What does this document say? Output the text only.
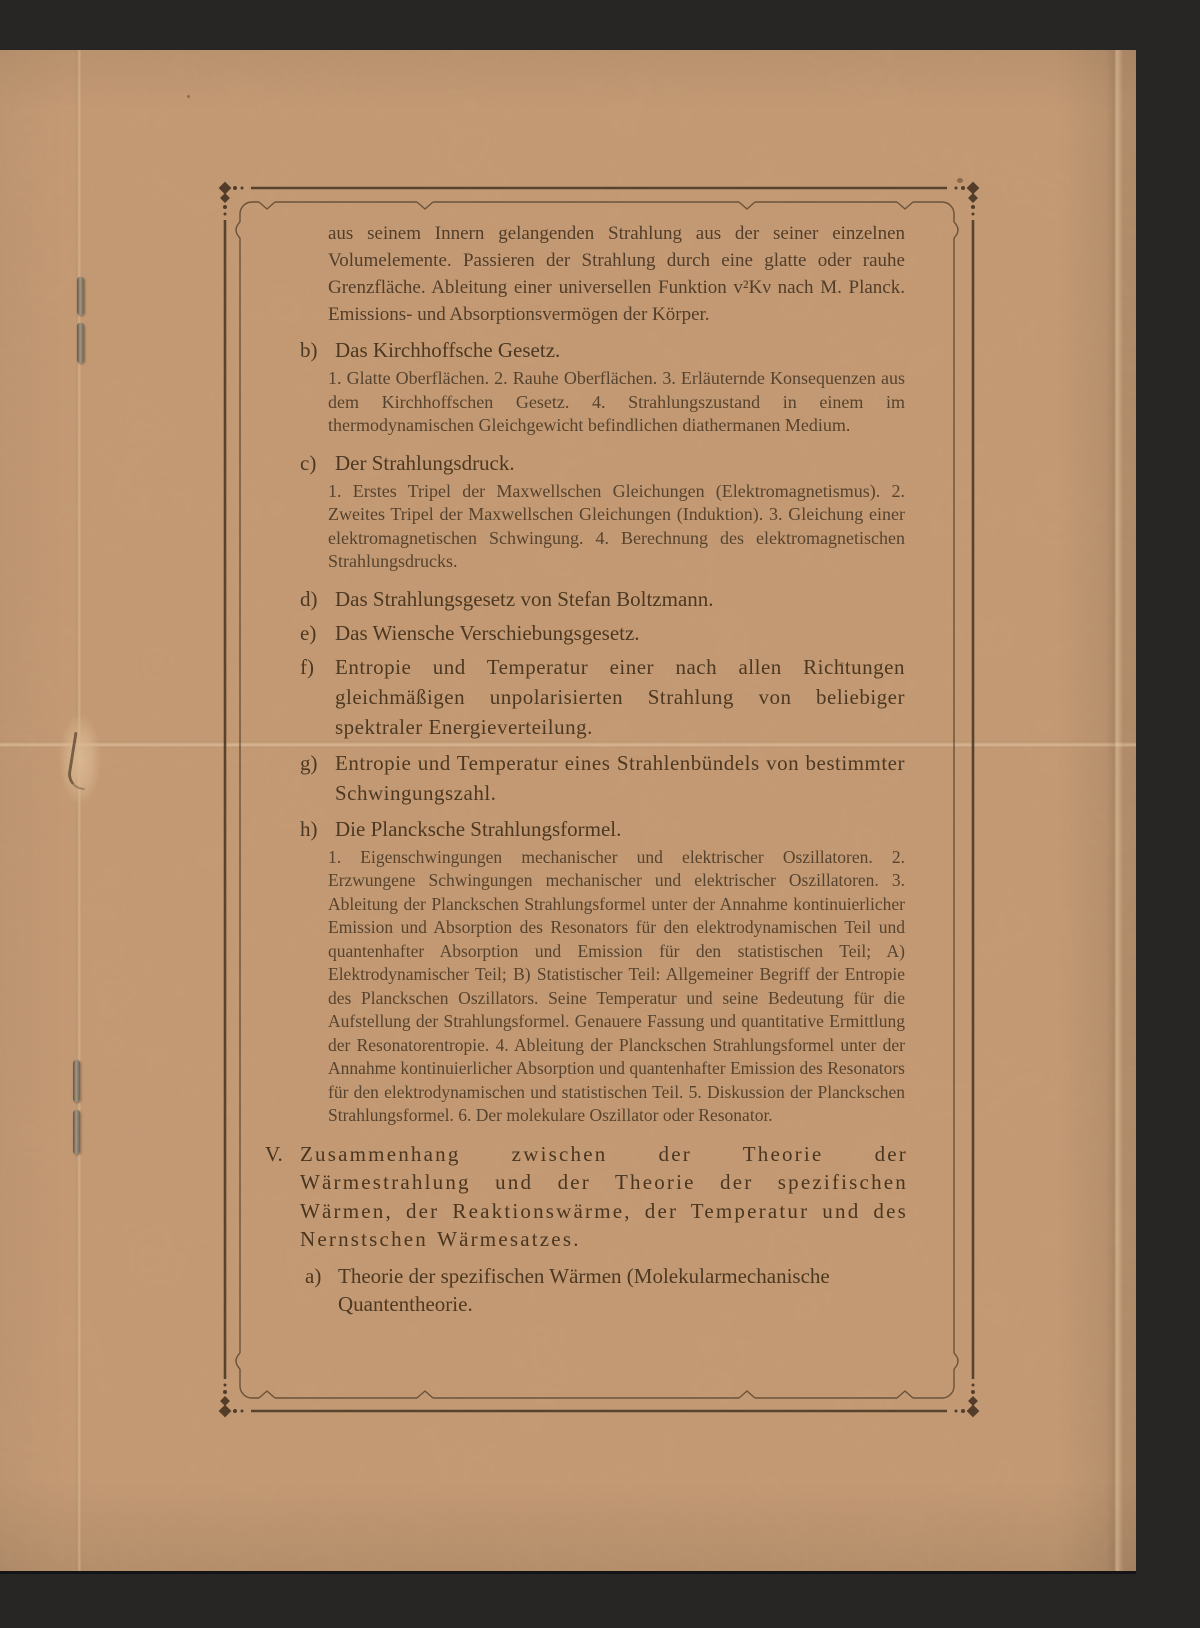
aus seinem Innern gelangenden Strahlung aus der seiner einzelnen Volumelemente. Passieren der Strahlung durch eine glatte oder rauhe Grenzfläche. Ableitung einer universellen Funktion v²Kν nach M. Planck. Emissions- und Absorptionsvermögen der Körper.
b) Das Kirchhoffsche Gesetz.
1. Glatte Oberflächen. 2. Rauhe Oberflächen. 3. Erläuternde Konsequenzen aus dem Kirchhoffschen Gesetz. 4. Strahlungszustand in einem im thermodynamischen Gleichgewicht befindlichen diathermanen Medium.
c) Der Strahlungsdruck.
1. Erstes Tripel der Maxwellschen Gleichungen (Elektromagnetismus). 2. Zweites Tripel der Maxwellschen Gleichungen (Induktion). 3. Gleichung einer elektromagnetischen Schwingung. 4. Berechnung des elektromagnetischen Strahlungsdrucks.
d) Das Strahlungsgesetz von Stefan Boltzmann.
e) Das Wiensche Verschiebungsgesetz.
f) Entropie und Temperatur einer nach allen Richtungen gleichmäßigen unpolarisierten Strahlung von beliebiger spektraler Energieverteilung.
g) Entropie und Temperatur eines Strahlenbündels von bestimmter Schwingungszahl.
h) Die Plancksche Strahlungsformel.
1. Eigenschwingungen mechanischer und elektrischer Oszillatoren. 2. Erzwungene Schwingungen mechanischer und elektrischer Oszillatoren. 3. Ableitung der Planckschen Strahlungsformel unter der Annahme kontinuierlicher Emission und Absorption des Resonators für den elektrodynamischen Teil und quantenhafter Absorption und Emission für den statistischen Teil; A) Elektrodynamischer Teil; B) Statistischer Teil: Allgemeiner Begriff der Entropie des Planckschen Oszillators. Seine Temperatur und seine Bedeutung für die Aufstellung der Strahlungsformel. Genauere Fassung und quantitative Ermittlung der Resonatorentropie. 4. Ableitung der Planckschen Strahlungsformel unter der Annahme kontinuierlicher Absorption und quantenhafter Emission des Resonators für den elektrodynamischen und statistischen Teil. 5. Diskussion der Planckschen Strahlungsformel. 6. Der molekulare Oszillator oder Resonator.
V. Zusammenhang zwischen der Theorie der Wärmestrahlung und der Theorie der spezifischen Wärmen, der Reaktionswärme, der Temperatur und des Nernstschen Wärmesatzes.
a) Theorie der spezifischen Wärmen (Molekularmechanische Quantentheorie.
